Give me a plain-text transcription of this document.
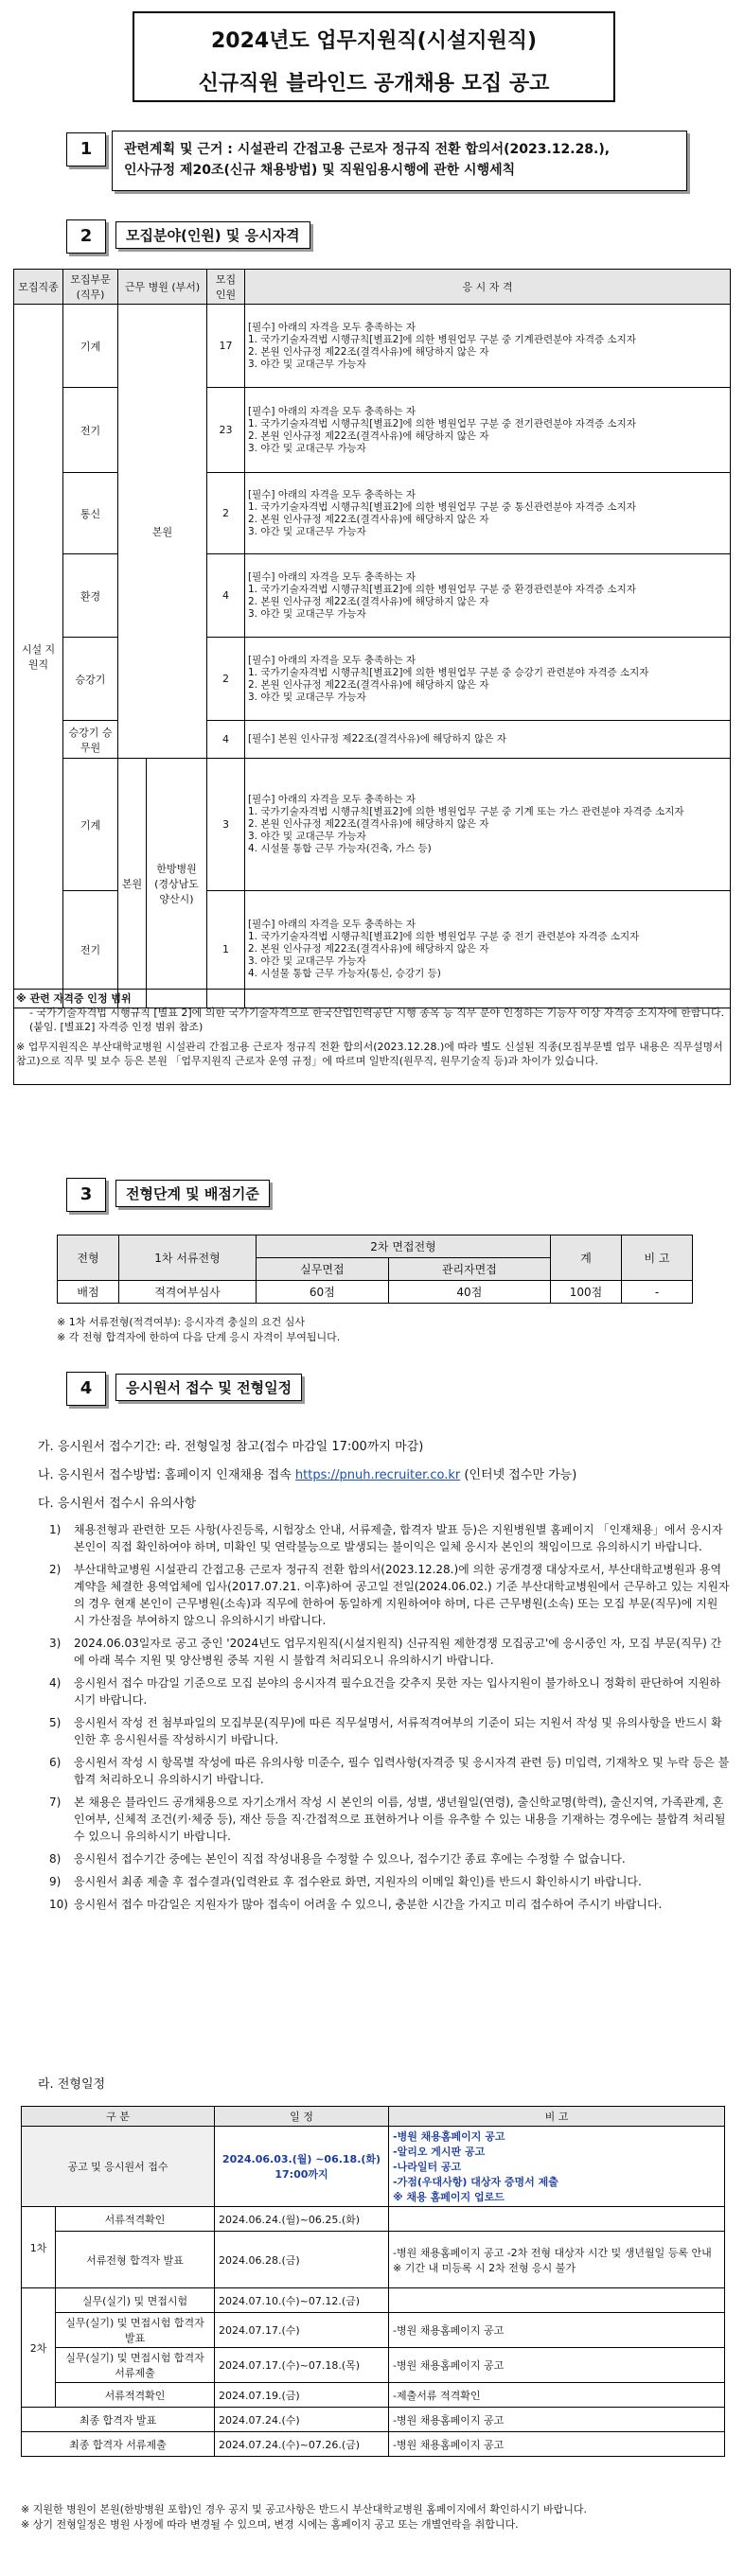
2024년도 업무지원직(시설지원직)
신규직원 블라인드 공개채용 모집 공고
1	관련계획 및 근거 : 시설관리 간접고용 근로자 정규직 전환 합의서(2023.12.28.),

인사규정 제20조(신규 채용방법) 및 직원임용시행에 관한 시행세칙

2	모집분야(인원) 및 응시자격
모집직종	모집부문 (직무)	근무 병원 (부서)		모집 인원	응 시 자 격
시설 지원직	기계	본원		17	[필수] 아래의 자격을 모두 충족하는 자
1. 국가기술자격법 시행규칙[별표2]에 의한 병원업무 구분 중 기계관련분야 자격증 소지자
2. 본원 인사규정 제22조(결격사유)에 해당하지 않은 자
3. 야간 및 교대근무 가능자

	전기			23	[필수] 아래의 자격을 모두 충족하는 자
1. 국가기술자격법 시행규칙[별표2]에 의한 병원업무 구분 중 전기관련분야 자격증 소지자
2. 본원 인사규정 제22조(결격사유)에 해당하지 않은 자
3. 야간 및 교대근무 가능자

	통신			2	[필수] 아래의 자격을 모두 충족하는 자
1. 국가기술자격법 시행규칙[별표2]에 의한 병원업무 구분 중 통신관련분야 자격증 소지자
2. 본원 인사규정 제22조(결격사유)에 해당하지 않은 자
3. 야간 및 교대근무 가능자

	환경			4	[필수] 아래의 자격을 모두 충족하는 자
1. 국가기술자격법 시행규칙[별표2]에 의한 병원업무 구분 중 환경관련분야 자격증 소지자
2. 본원 인사규정 제22조(결격사유)에 해당하지 않은 자
3. 야간 및 교대근무 가능자

	승강기			2	[필수] 아래의 자격을 모두 충족하는 자
1. 국가기술자격법 시행규칙[별표2]에 의한 병원업무 구분 중 승강기 관련분야 자격증 소지자
2. 본원 인사규정 제22조(결격사유)에 해당하지 않은 자
3. 야간 및 교대근무 가능자

	승강기 승무원			4	[필수] 본원 인사규정 제22조(결격사유)에 해당하지 않은 자

	기계	본원	한방병원 (경상남도 양산시)	3	[필수] 아래의 자격을 모두 충족하는 자
1. 국가기술자격법 시행규칙[별표2]에 의한 병원업무 구분 중 기계 또는 가스 관련분야 자격증 소지자
2. 본원 인사규정 제22조(결격사유)에 해당하지 않은 자
3. 야간 및 교대근무 가능자
4. 시설물 통합 근무 가능자(건축, 가스 등)

	전기			1	[필수] 아래의 자격을 모두 충족하는 자
1. 국가기술자격법 시행규칙[별표2]에 의한 병원업무 구분 중 전기 관련분야 자격증 소지자
2. 본원 인사규정 제22조(결격사유)에 해당하지 않은 자
3. 야간 및 교대근무 가능자
4. 시설물 통합 근무 가능자(통신, 승강기 등)

※ 관련 자격증 인정 범위

- 국가기술자격법 시행규칙 [별표 2]에 의한 국가기술자격으로 한국산업인력공단 시행 종목 등 직무 분야 인정하는 기능사 이상 자격증 소지자에 한함니다.(붙임. [별표2] 자격증 인정 범위 참조)

※ 업무지원직은 부산대학교병원 시설관리 간접고용 근로자 정규직 전환 합의서(2023.12.28.)에 따라 별도 신설된 직종(모집부문별 업무 내용은 직무설명서 참고)으로 직무 및 보수 등은 본원 「업무지원직 근로자 운영 규정」에 따르며 일반직(원무직, 원무기술직 등)과 차이가 있습니다.

3	전형단계 및 배점기준
전형	1차 서류전형	2차 면접전형		계	비 고
		실무면접	관리자면접		
배점	적격여부심사	60점	40점	100점	-
※ 1차 서류전형(적격여부): 응시자격 충실의 요건 심사
※ 각 전형 합격자에 한하여 다음 단계 응시 자격이 부여됩니다.
4	응시원서 접수 및 전형일정
가. 응시원서 접수기간: 라. 전형일정 참고(접수 마감일 17:00까지 마감)
나. 응시원서 접수방법: 홈페이지 인재채용 접속 https://pnuh.recruiter.co.kr (인터넷 접수만 가능)
다. 응시원서 접수시 유의사항
1) 채용전형과 관련한 모든 사항(사진등록, 시험장소 안내, 서류제출, 합격자 발표 등)은 지원병원별 홈페이지 「인재채용」에서 응시자 본인이 직접 확인하여야 하며, 미확인 및 연락불능으로 발생되는 불이익은 일체 응시자 본인의 책임이므로 유의하시기 바랍니다.
2) 부산대학교병원 시설관리 간접고용 근로자 정규직 전환 합의서(2023.12.28.)에 의한 공개경쟁 대상자로서, 부산대학교병원과 용역계약을 체결한 용역업체에 입사(2017.07.21. 이후)하여 공고일 전일(2024.06.02.) 기준 부산대학교병원에서 근무하고 있는 지원자의 경우 현재 본인이 근무병원(소속)과 직무에 한하여 동일하게 지원하여야 하며, 다른 근무병원(소속) 또는 모집 부문(직무)에 지원 시 가산점을 부여하지 않으니 유의하시기 바랍니다.
3) 2024.06.03일자로 공고 중인 '2024년도 업무지원직(시설지원직) 신규직원 제한경쟁 모집공고'에 응시중인 자, 모집 부문(직무) 간에 아래 복수 지원 및 양산병원 중복 지원 시 불합격 처리되오니 유의하시기 바랍니다.
4) 응시원서 접수 마감일 기준으로 모집 분야의 응시자격 필수요건을 갖추지 못한 자는 입사지원이 불가하오니 정확히 판단하여 지원하시기 바랍니다.
5) 응시원서 작성 전 첨부파일의 모집부문(직무)에 따른 직무설명서, 서류적격여부의 기준이 되는 지원서 작성 및 유의사항을 반드시 확인한 후 응시원서를 작성하시기 바랍니다.
6) 응시원서 작성 시 항목별 작성에 따른 유의사항 미준수, 필수 입력사항(자격증 및 응시자격 관련 등) 미입력, 기재착오 및 누락 등은 불합격 처리하오니 유의하시기 바랍니다.
7) 본 채용은 블라인드 공개채용으로 자기소개서 작성 시 본인의 이름, 성별, 생년월일(연령), 출신학교명(학력), 출신지역, 가족관계, 혼인여부, 신체적 조건(키·체중 등), 재산 등을 직·간접적으로 표현하거나 이를 유추할 수 있는 내용을 기재하는 경우에는 불합격 처리될 수 있으니 유의하시기 바랍니다.
8) 응시원서 접수기간 중에는 본인이 직접 작성내용을 수정할 수 있으나, 접수기간 종료 후에는 수정할 수 없습니다.
9) 응시원서 최종 제출 후 접수결과(입력완료 후 접수완료 화면, 지원자의 이메일 확인)를 반드시 확인하시기 바랍니다.
10) 응시원서 접수 마감일은 지원자가 많아 접속이 어려울 수 있으니, 충분한 시간을 가지고 미리 접수하여 주시기 바랍니다.
라. 전형일정
구 분		일 정	비 고
공고 및 응시원서 접수		2024.06.03.(월) ~06.18.(화) 17:00까지	-병원 채용홈페이지 공고
-알리오 게시판 공고
-나라일터 공고
-가점(우대사항) 대상자 증명서 제출
※ 채용 홈페이지 업로드

1차	서류적격확인	2024.06.24.(월)~06.25.(화)	
	서류전형 합격자 발표	2024.06.28.(금)	-병원 채용홈페이지 공고 -2차 전형 대상자 시간 및 생년월일 등록 안내 ※ 기간 내 미등록 시 2차 전형 응시 불가
2차	실무(실기) 및 면접시험	2024.07.10.(수)~07.12.(금)	
	실무(실기) 및 면접시험 합격자 발표	2024.07.17.(수)	-병원 채용홈페이지 공고
	실무(실기) 및 면접시험 합격자 서류제출	2024.07.17.(수)~07.18.(목)	-병원 채용홈페이지 공고
	서류적격확인	2024.07.19.(금)	-제출서류 적격확인
최종 합격자 발표		2024.07.24.(수)	-병원 채용홈페이지 공고
최종 합격자 서류제출		2024.07.24.(수)~07.26.(금)	-병원 채용홈페이지 공고
※ 지원한 병원이 본원(한방병원 포함)인 경우 공지 및 공고사항은 반드시 부산대학교병원 홈페이지에서 확인하시기 바랍니다.
※ 상기 전형일정은 병원 사정에 따라 변경될 수 있으며, 변경 시에는 홈페이지 공고 또는 개별연락을 취합니다.
